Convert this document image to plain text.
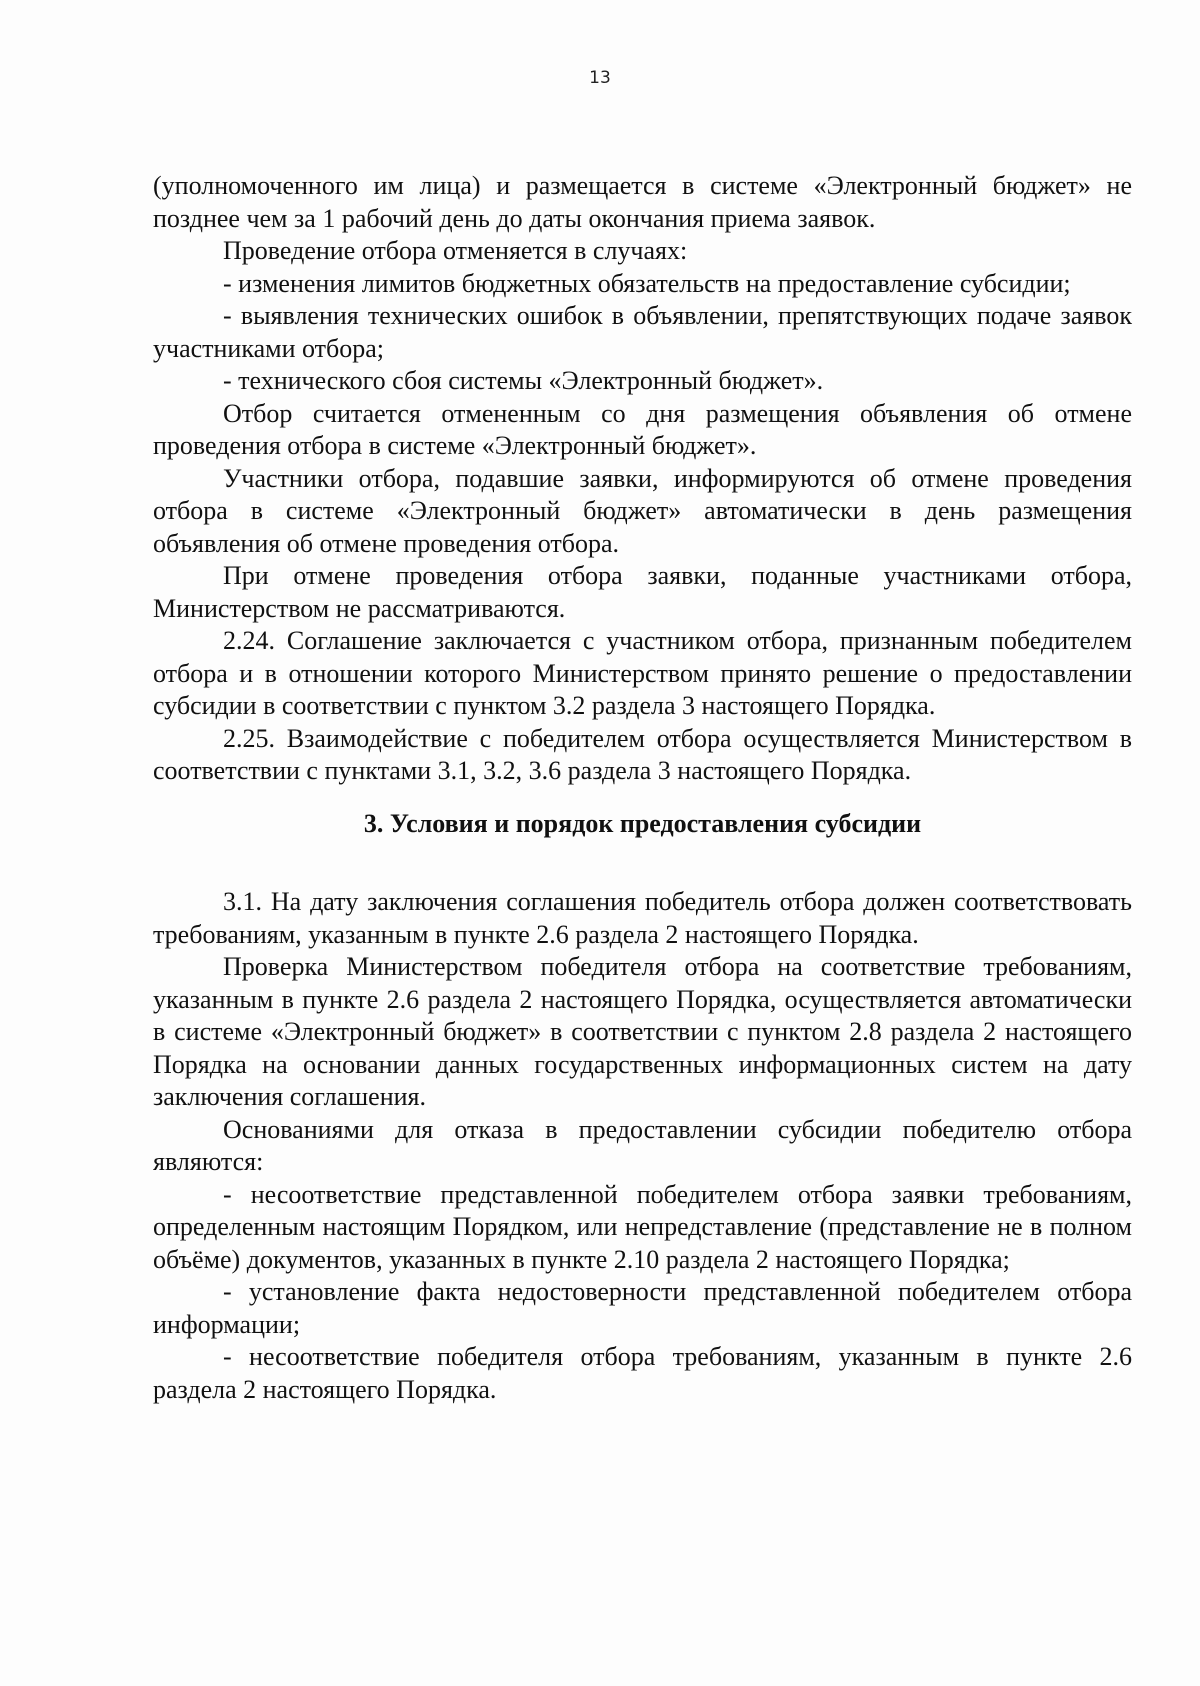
13

(уполномоченного им лица) и размещается в системе «Электронный бюджет» не позднее чем за 1 рабочий день до даты окончания приема заявок.

Проведение отбора отменяется в случаях:

- изменения лимитов бюджетных обязательств на предоставление субсидии;

- выявления технических ошибок в объявлении, препятствующих подаче заявок участниками отбора;

- технического сбоя системы «Электронный бюджет».

Отбор считается отмененным со дня размещения объявления об отмене проведения отбора в системе «Электронный бюджет».

Участники отбора, подавшие заявки, информируются об отмене проведения отбора в системе «Электронный бюджет» автоматически в день размещения объявления об отмене проведения отбора.

При отмене проведения отбора заявки, поданные участниками отбора, Министерством не рассматриваются.

2.24. Соглашение заключается с участником отбора, признанным победителем отбора и в отношении которого Министерством принято решение о предоставлении субсидии в соответствии с пунктом 3.2 раздела 3 настоящего Порядка.

2.25. Взаимодействие с победителем отбора осуществляется Министерством в соответствии с пунктами 3.1, 3.2, 3.6 раздела 3 настоящего Порядка.

3. Условия и порядок предоставления субсидии

3.1. На дату заключения соглашения победитель отбора должен соответствовать требованиям, указанным в пункте 2.6 раздела 2 настоящего Порядка.

Проверка Министерством победителя отбора на соответствие требованиям, указанным в пункте 2.6 раздела 2 настоящего Порядка, осуществляется автоматически в системе «Электронный бюджет» в соответствии с пунктом 2.8 раздела 2 настоящего Порядка на основании данных государственных информационных систем на дату заключения соглашения.

Основаниями для отказа в предоставлении субсидии победителю отбора являются:

- несоответствие представленной победителем отбора заявки требованиям, определенным настоящим Порядком, или непредставление (представление не в полном объёме) документов, указанных в пункте 2.10 раздела 2 настоящего Порядка;

- установление факта недостоверности представленной победителем отбора информации;

- несоответствие победителя отбора требованиям, указанным в пункте 2.6 раздела 2 настоящего Порядка.
